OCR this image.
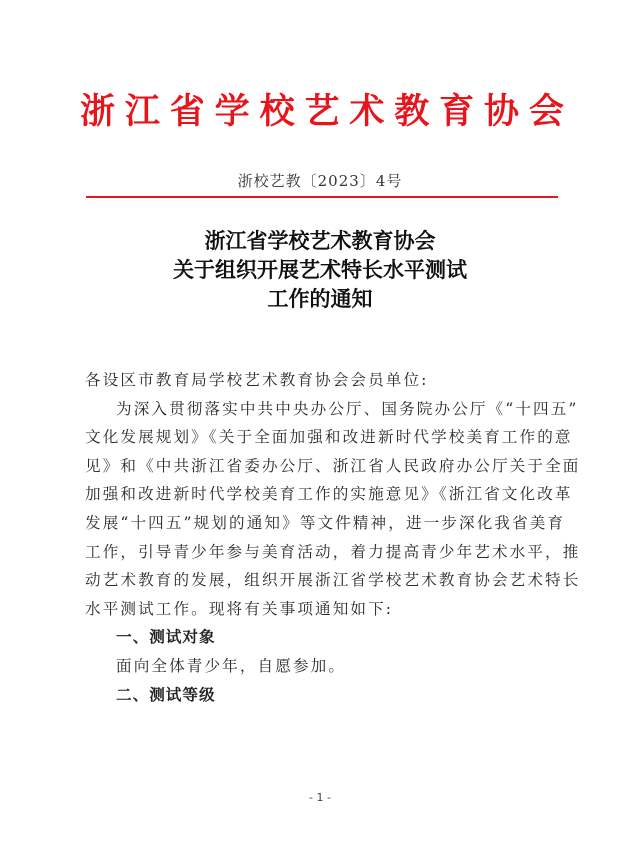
浙 江 省 学 校 艺 术 教 育 协 会
浙校艺教〔2023〕4号
浙江省学校艺术教育协会
关于组织开展艺术特长水平测试
工作的通知
各设区市教育局学校艺术教育协会会员单位:
为深入贯彻落实中共中央办公厅、国务院办公厅《“十四五”
文化发展规划》《关于全面加强和改进新时代学校美育工作的意
见》和《中共浙江省委办公厅、浙江省人民政府办公厅关于全面
加强和改进新时代学校美育工作的实施意见》《浙江省文化改革
发展“十四五”规划的通知》等文件精神，进一步深化我省美育
工作，引导青少年参与美育活动，着力提高青少年艺术水平，推
动艺术教育的发展，组织开展浙江省学校艺术教育协会艺术特长
水平测试工作。现将有关事项通知如下:
一、测试对象
面向全体青少年，自愿参加。
二、测试等级
- 1 -
